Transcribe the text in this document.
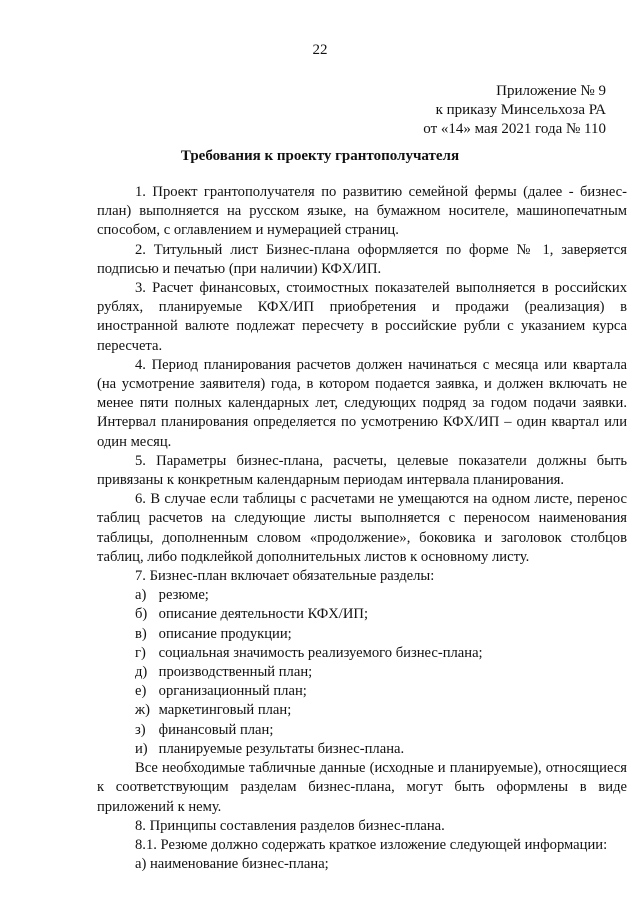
22
Приложение № 9
к приказу Минсельхоза РА
от «14» мая 2021 года № 110
Требования к проекту грантополучателя

1. Проект грантополучателя по развитию семейной фермы (далее - бизнес-план) выполняется на русском языке, на бумажном носителе, машинопечатным способом, с оглавлением и нумерацией страниц.

2. Титульный лист Бизнес-плана оформляется по форме № 1, заверяется подписью и печатью (при наличии) КФХ/ИП.

3. Расчет финансовых, стоимостных показателей выполняется в российских рублях, планируемые КФХ/ИП приобретения и продажи (реализация) в иностранной валюте подлежат пересчету в российские рубли с указанием курса пересчета.

4. Период планирования расчетов должен начинаться с месяца или квартала (на усмотрение заявителя) года, в котором подается заявка, и должен включать не менее пяти полных календарных лет, следующих подряд за годом подачи заявки. Интервал планирования определяется по усмотрению КФХ/ИП – один квартал или один месяц.

5. Параметры бизнес-плана, расчеты, целевые показатели должны быть привязаны к конкретным календарным периодам интервала планирования.

6. В случае если таблицы с расчетами не умещаются на одном листе, перенос таблиц расчетов на следующие листы выполняется с переносом наименования таблицы, дополненным словом «продолжение», боковика и заголовок столбцов таблиц, либо подклейкой дополнительных листов к основному листу.

7. Бизнес-план включает обязательные разделы:

а) резюме;

б) описание деятельности КФХ/ИП;

в) описание продукции;

г) социальная значимость реализуемого бизнес-плана;

д) производственный план;

е) организационный план;

ж) маркетинговый план;

з) финансовый план;

и) планируемые результаты бизнес-плана.

Все необходимые табличные данные (исходные и планируемые), относящиеся к соответствующим разделам бизнес-плана, могут быть оформлены в виде приложений к нему.

8. Принципы составления разделов бизнес-плана.

8.1. Резюме должно содержать краткое изложение следующей информации:

а) наименование бизнес-плана;
